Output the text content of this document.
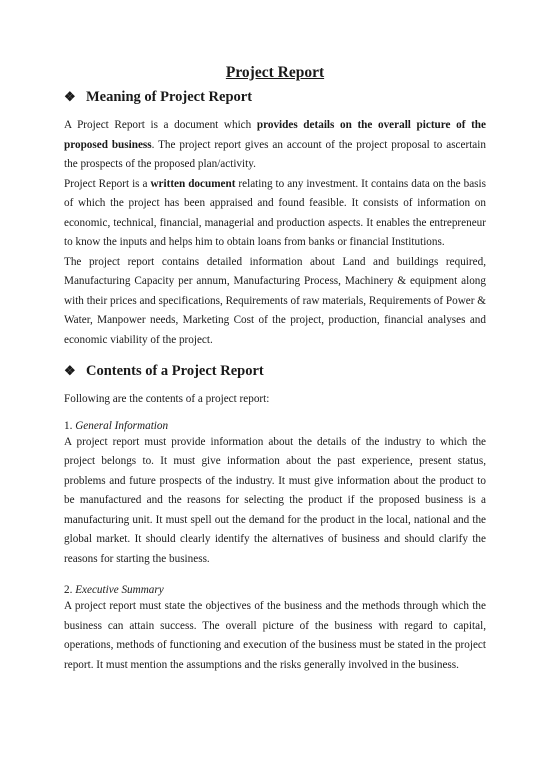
Project Report
❖ Meaning of Project Report

A Project Report is a document which provides details on the overall picture of the proposed business. The project report gives an account of the project proposal to ascertain the prospects of the proposed plan/activity.

Project Report is a written document relating to any investment. It contains data on the basis of which the project has been appraised and found feasible. It consists of information on economic, technical, financial, managerial and production aspects. It enables the entrepreneur to know the inputs and helps him to obtain loans from banks or financial Institutions.

The project report contains detailed information about Land and buildings required, Manufacturing Capacity per annum, Manufacturing Process, Machinery & equipment along with their prices and specifications, Requirements of raw materials, Requirements of Power & Water, Manpower needs, Marketing Cost of the project, production, financial analyses and economic viability of the project.

❖ Contents of a Project Report

Following are the contents of a project report:

1. General Information

A project report must provide information about the details of the industry to which the project belongs to. It must give information about the past experience, present status, problems and future prospects of the industry. It must give information about the product to be manufactured and the reasons for selecting the product if the proposed business is a manufacturing unit. It must spell out the demand for the product in the local, national and the global market. It should clearly identify the alternatives of business and should clarify the reasons for starting the business.

2. Executive Summary

A project report must state the objectives of the business and the methods through which the business can attain success. The overall picture of the business with regard to capital, operations, methods of functioning and execution of the business must be stated in the project report. It must mention the assumptions and the risks generally involved in the business.
